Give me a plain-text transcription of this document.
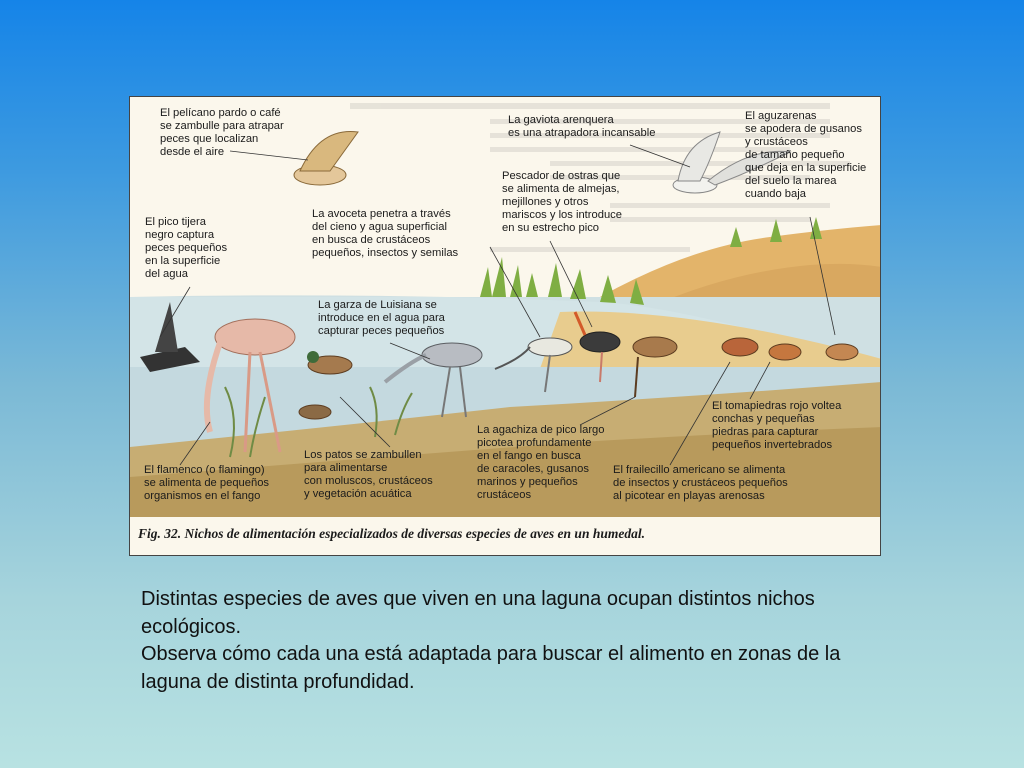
El pelícano pardo o café
se zambulle para atrapar
peces que localizan
desde el aire

La gaviota arenquera
es una atrapadora incansable

El aguzarenas
se apodera de gusanos
y crustáceos
de tamaño pequeño
que deja en la superficie
del suelo la marea
cuando baja

El pico tijera
negro captura
peces pequeños
en la superficie
del agua

La avoceta penetra a través
del cieno y agua superficial
en busca de crustáceos
pequeños, insectos y semilas

Pescador de ostras que
se alimenta de almejas,
mejillones y otros
mariscos y los introduce
en su estrecho pico

La garza de Luisiana se
introduce en el agua para
capturar peces pequeños

El flamenco (o flamingo)
se alimenta de pequeños
organismos en el fango

Los patos se zambullen
para alimentarse
con moluscos, crustáceos
y vegetación acuática

La agachiza de pico largo
picotea profundamente
en el fango en busca
de caracoles, gusanos
marinos y pequeños
crustáceos

El tomapiedras rojo voltea
conchas y pequeñas
piedras para capturar
pequeños invertebrados

El frailecillo americano se alimenta
de insectos y crustáceos pequeños
al picotear en playas arenosas

Fig. 32. Nichos de alimentación especializados de diversas especies de aves en un humedal.

Distintas especies de aves que viven en una laguna ocupan distintos nichos ecológicos.

Observa cómo cada una está adaptada para buscar el alimento en zonas de la laguna de distinta profundidad.
